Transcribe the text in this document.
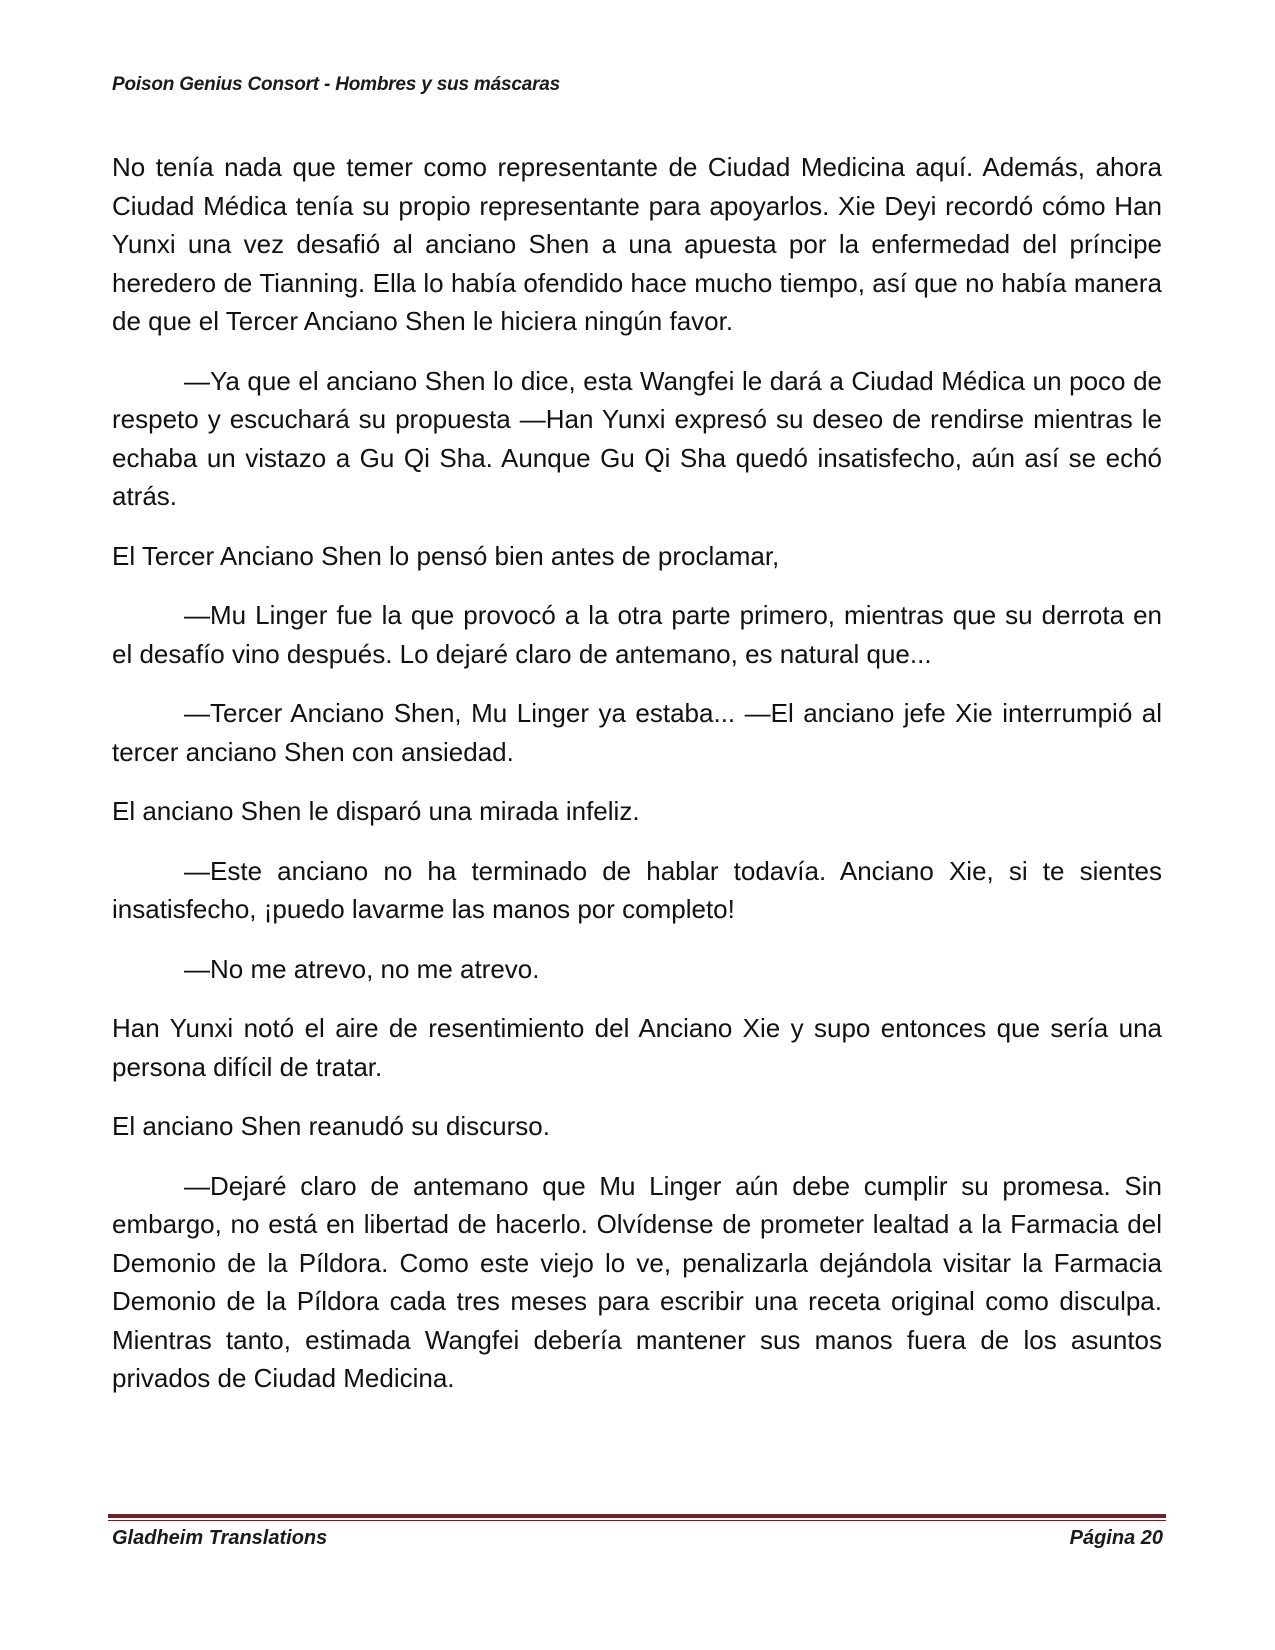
Poison Genius Consort - Hombres y sus máscaras

No tenía nada que temer como representante de Ciudad Medicina aquí. Además, ahora Ciudad Médica tenía su propio representante para apoyarlos. Xie Deyi recordó cómo Han Yunxi una vez desafió al anciano Shen a una apuesta por la enfermedad del príncipe heredero de Tianning. Ella lo había ofendido hace mucho tiempo, así que no había manera de que el Tercer Anciano Shen le hiciera ningún favor.

—Ya que el anciano Shen lo dice, esta Wangfei le dará a Ciudad Médica un poco de respeto y escuchará su propuesta —Han Yunxi expresó su deseo de rendirse mientras le echaba un vistazo a Gu Qi Sha. Aunque Gu Qi Sha quedó insatisfecho, aún así se echó atrás.

El Tercer Anciano Shen lo pensó bien antes de proclamar,

—Mu Linger fue la que provocó a la otra parte primero, mientras que su derrota en el desafío vino después. Lo dejaré claro de antemano, es natural que...

—Tercer Anciano Shen, Mu Linger ya estaba... —El anciano jefe Xie interrumpió al tercer anciano Shen con ansiedad.

El anciano Shen le disparó una mirada infeliz.

—Este anciano no ha terminado de hablar todavía. Anciano Xie, si te sientes insatisfecho, ¡puedo lavarme las manos por completo!

—No me atrevo, no me atrevo.

Han Yunxi notó el aire de resentimiento del Anciano Xie y supo entonces que sería una persona difícil de tratar.

El anciano Shen reanudó su discurso.

—Dejaré claro de antemano que Mu Linger aún debe cumplir su promesa. Sin embargo, no está en libertad de hacerlo. Olvídense de prometer lealtad a la Farmacia del Demonio de la Píldora. Como este viejo lo ve, penalizarla dejándola visitar la Farmacia Demonio de la Píldora cada tres meses para escribir una receta original como disculpa. Mientras tanto, estimada Wangfei debería mantener sus manos fuera de los asuntos privados de Ciudad Medicina.

Gladheim Translations	Página 20
